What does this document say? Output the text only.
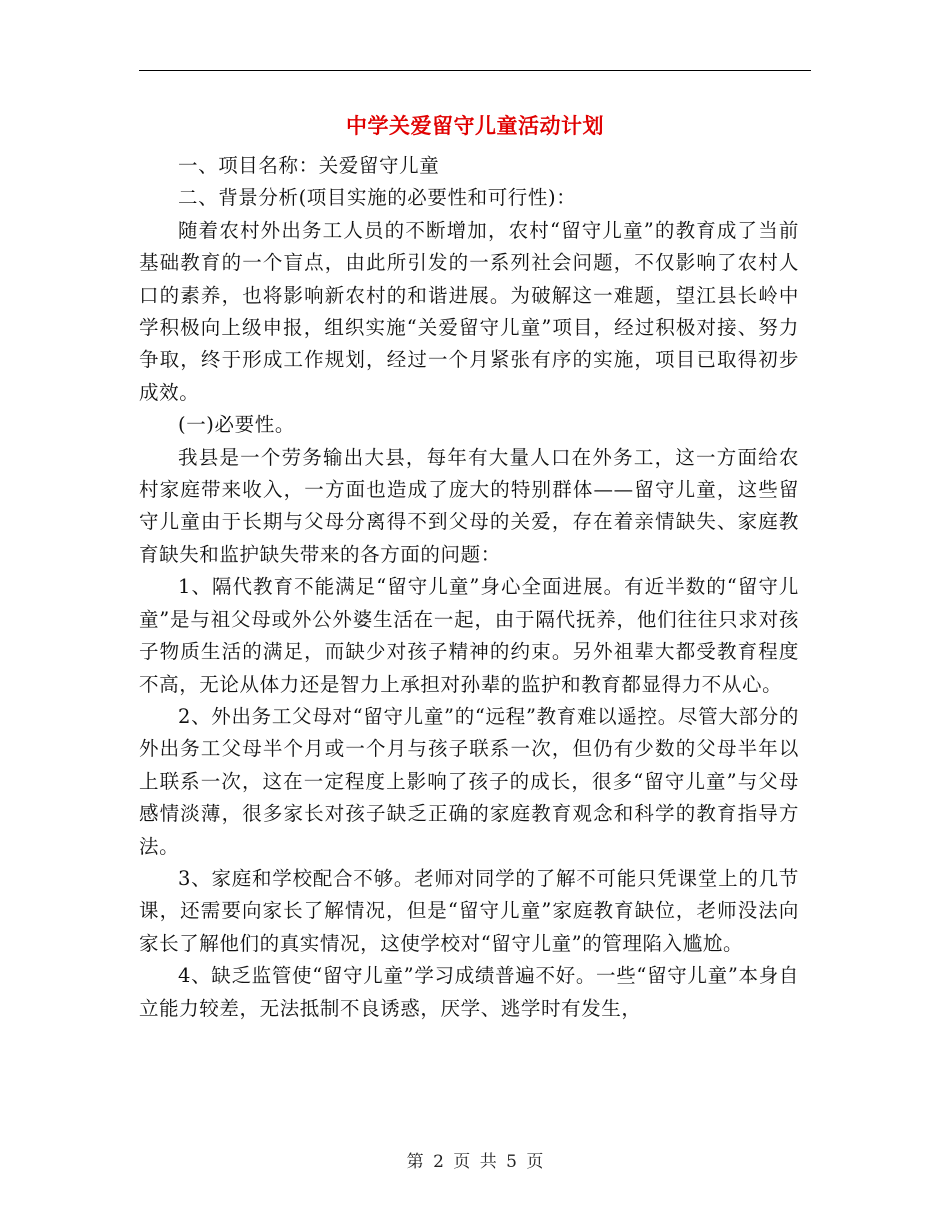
中学关爱留守儿童活动计划

一、项目名称：关爱留守儿童

二、背景分析(项目实施的必要性和可行性)：

随着农村外出务工人员的不断增加，农村“留守儿童”的教育成了当前基础教育的一个盲点，由此所引发的一系列社会问题，不仅影响了农村人口的素养，也将影响新农村的和谐进展。为破解这一难题，望江县长岭中学积极向上级申报，组织实施“关爱留守儿童”项目，经过积极对接、努力争取，终于形成工作规划，经过一个月紧张有序的实施，项目已取得初步成效。

(一)必要性。

我县是一个劳务输出大县，每年有大量人口在外务工，这一方面给农村家庭带来收入，一方面也造成了庞大的特别群体——留守儿童，这些留守儿童由于长期与父母分离得不到父母的关爱，存在着亲情缺失、家庭教育缺失和监护缺失带来的各方面的问题：

1、隔代教育不能满足“留守儿童”身心全面进展。有近半数的“留守儿童”是与祖父母或外公外婆生活在一起，由于隔代抚养，他们往往只求对孩子物质生活的满足，而缺少对孩子精神的约束。另外祖辈大都受教育程度不高，无论从体力还是智力上承担对孙辈的监护和教育都显得力不从心。

2、外出务工父母对“留守儿童”的“远程”教育难以遥控。尽管大部分的外出务工父母半个月或一个月与孩子联系一次，但仍有少数的父母半年以上联系一次，这在一定程度上影响了孩子的成长，很多“留守儿童”与父母感情淡薄，很多家长对孩子缺乏正确的家庭教育观念和科学的教育指导方法。

3、家庭和学校配合不够。老师对同学的了解不可能只凭课堂上的几节课，还需要向家长了解情况，但是“留守儿童”家庭教育缺位，老师没法向家长了解他们的真实情况，这使学校对“留守儿童”的管理陷入尴尬。

4、缺乏监管使“留守儿童”学习成绩普遍不好。一些“留守儿童”本身自立能力较差，无法抵制不良诱惑，厌学、逃学时有发生，

第 2 页 共 5 页
